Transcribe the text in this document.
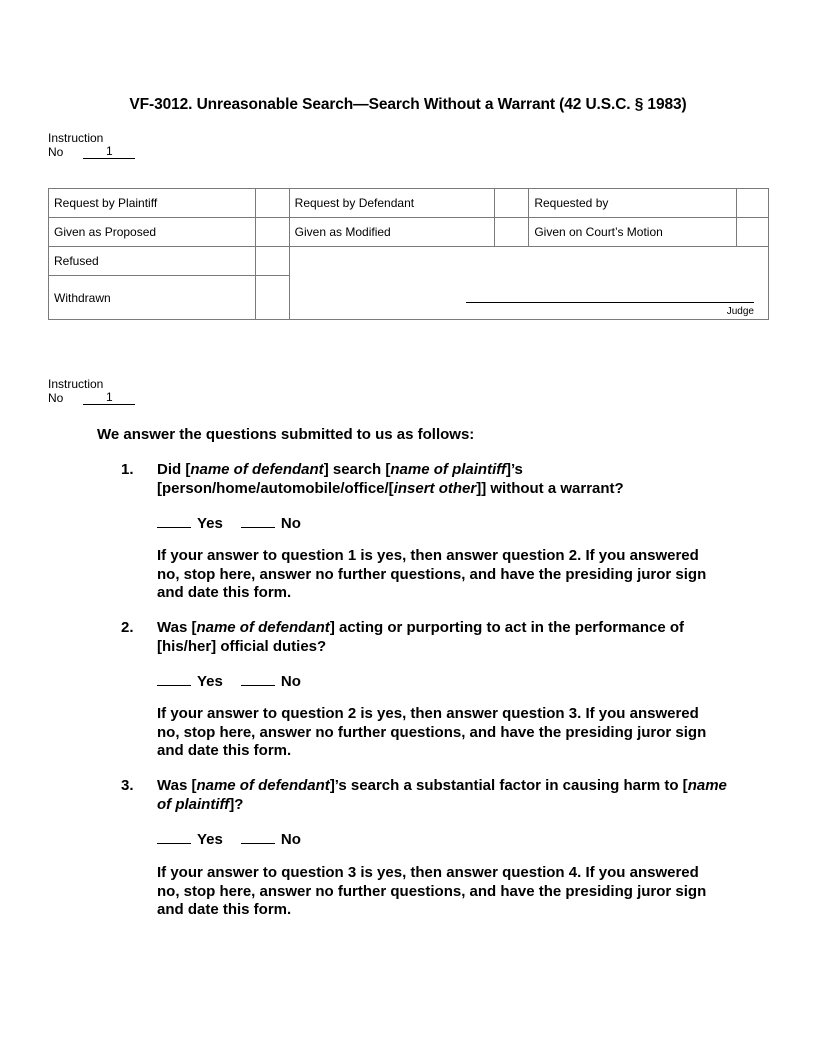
VF-3012. Unreasonable Search—Search Without a Warrant (42 U.S.C. § 1983)
Instruction
No	1
Request by Plaintiff		Request by Defendant		Requested by	
Given as Proposed		Given as Modified		Given on Court’s Motion	
Refused		Judge			

Withdrawn					
Instruction
No	1
We answer the questions submitted to us as follows:
1. Did [name of defendant] search [name of plaintiff]’s [person/home/automobile/office/[insert other]] without a warrant?
Yes	No
If your answer to question 1 is yes, then answer question 2. If you answered no, stop here, answer no further questions, and have the presiding juror sign and date this form.
2. Was [name of defendant] acting or purporting to act in the performance of [his/her] official duties?
Yes	No
If your answer to question 2 is yes, then answer question 3. If you answered no, stop here, answer no further questions, and have the presiding juror sign and date this form.
3. Was [name of defendant]’s search a substantial factor in causing harm to [name of plaintiff]?
Yes	No
If your answer to question 3 is yes, then answer question 4. If you answered no, stop here, answer no further questions, and have the presiding juror sign and date this form.
